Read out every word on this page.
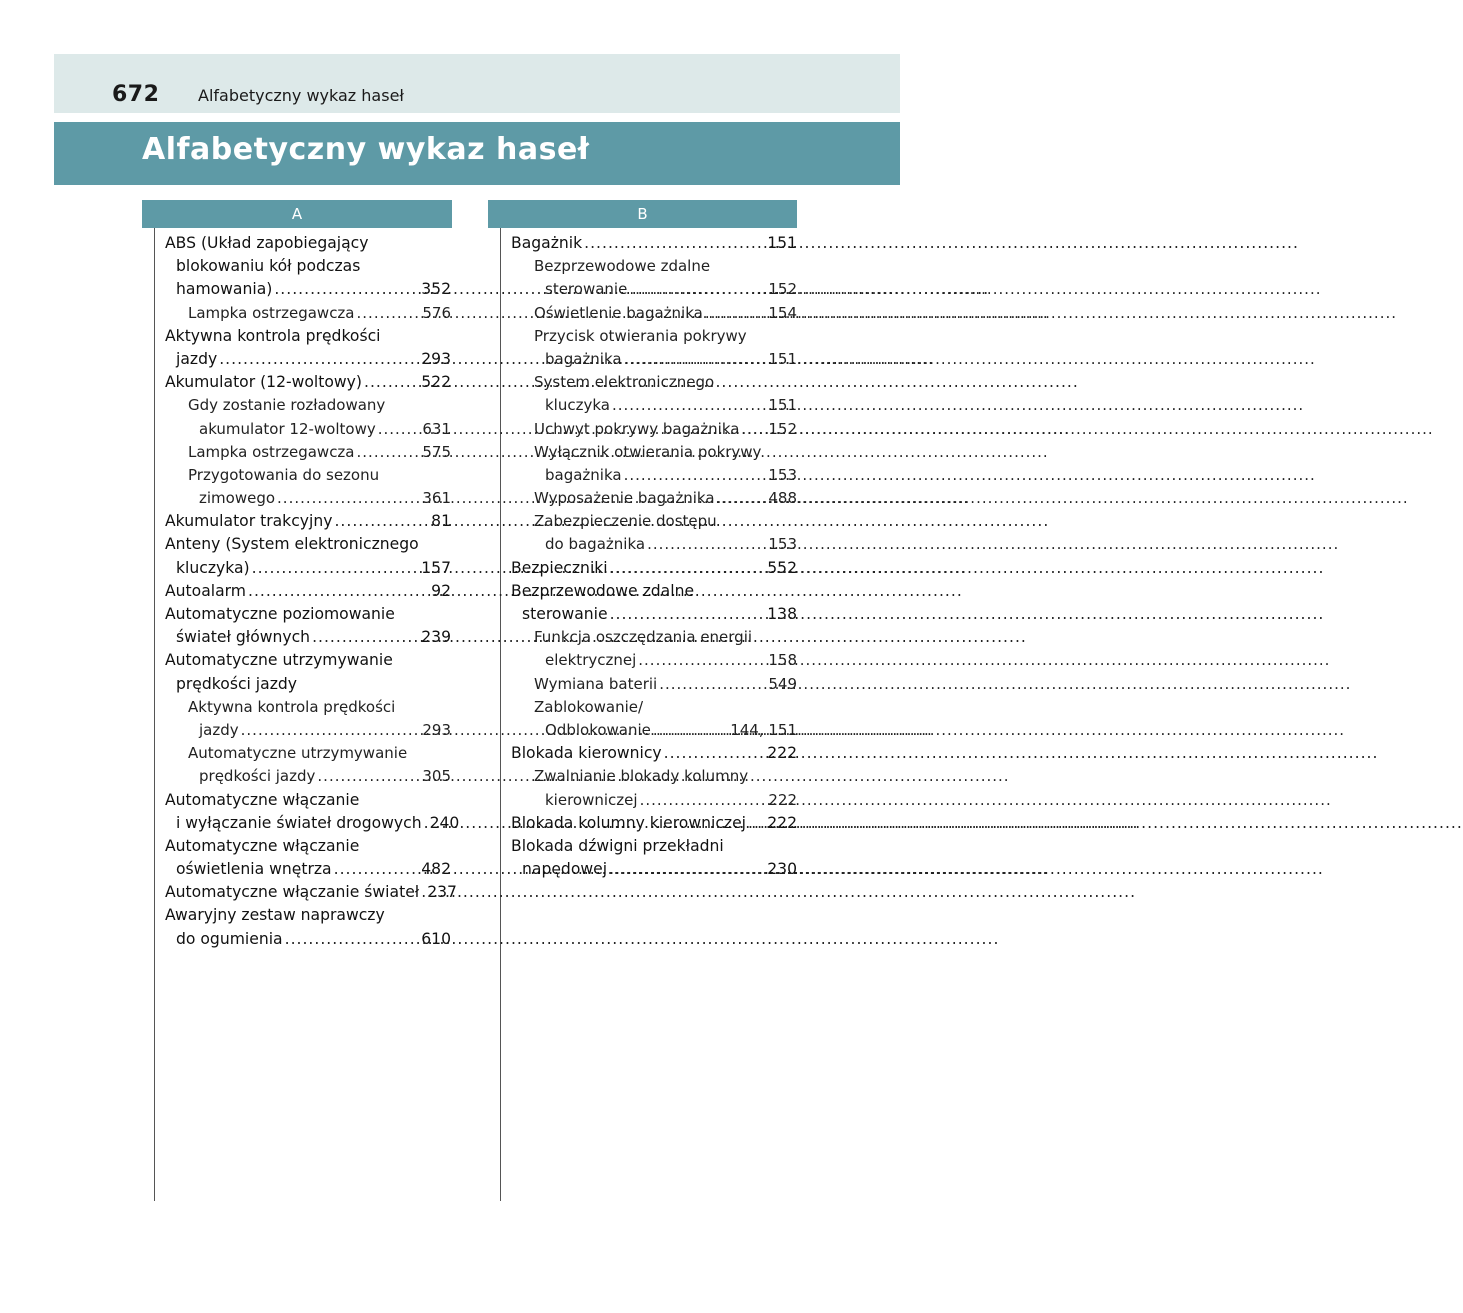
672 Alfabetyczny wykaz haseł
Alfabetyczny wykaz haseł
A	B
ABS (Układ zapobiegający
blokowaniu kół podczas
hamowania) .....	352
Lampka ostrzegawcza .....	576
Aktywna kontrola prędkości
jazdy .....	293
Akumulator (12-woltowy) .....	522
Gdy zostanie rozładowany
akumulator 12-woltowy .....	631
Lampka ostrzegawcza .....	575
Przygotowania do sezonu
zimowego .....	361
Akumulator trakcyjny .....	81
Anteny (System elektronicznego
kluczyka) .....	157
Autoalarm .....	92
Automatyczne poziomowanie
świateł głównych .....	239
Automatyczne utrzymywanie
prędkości jazdy
Aktywna kontrola prędkości
jazdy .....	293
Automatyczne utrzymywanie
prędkości jazdy .....	305
Automatyczne włączanie
i wyłączanie świateł drogowych ..... 240
Automatyczne włączanie
oświetlenia wnętrza .....	482
Automatyczne włączanie świateł ..... 237
Awaryjny zestaw naprawczy
do ogumienia .....	610
Bagażnik .....	151
Bezprzewodowe zdalne
sterowanie .....	152
Oświetlenie bagażnika .....	154
Przycisk otwierania pokrywy
bagażnika .....	151
System elektronicznego
kluczyka .....	151
Uchwyt pokrywy bagażnika ..... 152
Wyłącznik otwierania pokrywy
bagażnika .....	153
Wyposażenie bagażnika .....	488
Zabezpieczenie dostępu
do bagażnika .....	153
Bezpieczniki .....	552
Bezprzewodowe zdalne
sterowanie .....	138
Funkcja oszczędzania energii
elektrycznej .....	158
Wymiana baterii .....	549
Zablokowanie/
Odblokowanie .....	144, 151
Blokada kierownicy .....	222
Zwalnianie blokady kolumny
kierowniczej .....	222
Blokada kolumny kierowniczej ..... 222
Blokada dźwigni przekładni
napędowej .....	230
